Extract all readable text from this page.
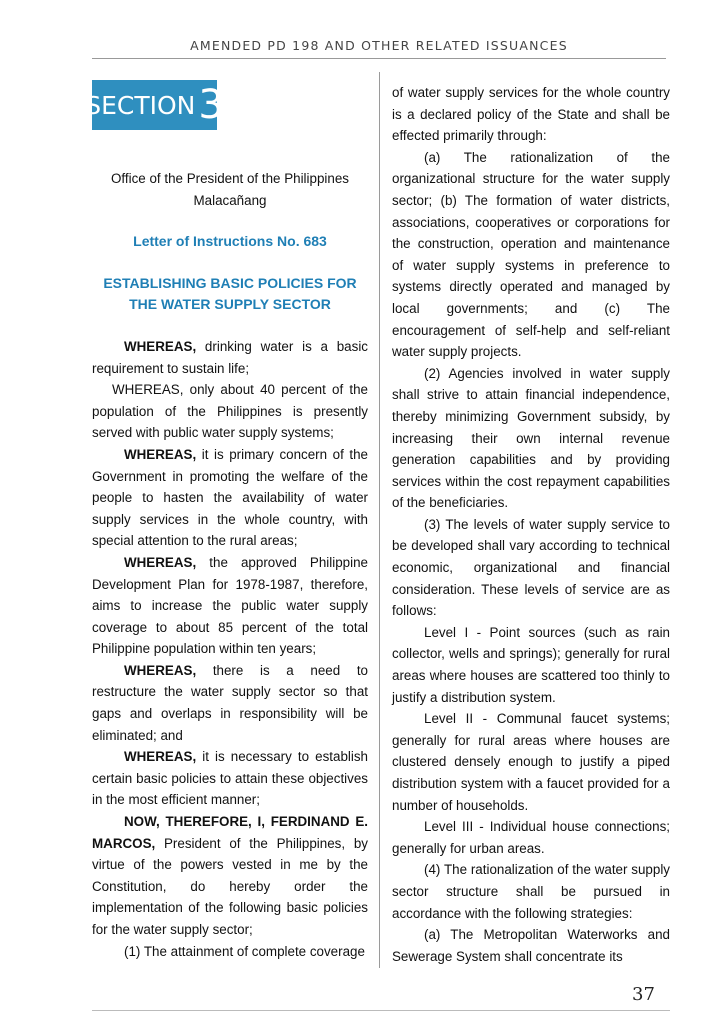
AMENDED PD 198 AND OTHER RELATED ISSUANCES
SECTION 3

Office of the President of the Philippines

Malacañang

Letter of Instructions No. 683

ESTABLISHING BASIC POLICIES FOR

THE WATER SUPPLY SECTOR

WHEREAS, drinking water is a basic requirement to sustain life;

WHEREAS, only about 40 percent of the population of the Philippines is presently served with public water supply systems;

WHEREAS, it is primary concern of the Government in promoting the welfare of the people to hasten the availability of water supply services in the whole country, with special attention to the rural areas;

WHEREAS, the approved Philippine Development Plan for 1978-1987, therefore, aims to increase the public water supply coverage to about 85 percent of the total Philippine population within ten years;

WHEREAS, there is a need to restructure the water supply sector so that gaps and overlaps in responsibility will be eliminated; and

WHEREAS, it is necessary to establish certain basic policies to attain these objectives in the most efficient manner;

NOW, THEREFORE, I, FERDINAND E. MARCOS, President of the Philippines, by virtue of the powers vested in me by the Constitution, do hereby order the implementation of the following basic policies for the water supply sector;

(1) The attainment of complete coverage

of water supply services for the whole country is a declared policy of the State and shall be effected primarily through:

(a) The rationalization of the organizational structure for the water supply sector; (b) The formation of water districts, associations, cooperatives or corporations for the construction, operation and maintenance of water supply systems in preference to systems directly operated and managed by local governments; and (c) The encouragement of self-help and self-reliant water supply projects.

(2) Agencies involved in water supply shall strive to attain financial independence, thereby minimizing Government subsidy, by increasing their own internal revenue generation capabilities and by providing services within the cost repayment capabilities of the beneficiaries.

(3) The levels of water supply service to be developed shall vary according to technical economic, organizational and financial consideration. These levels of service are as follows:

Level I - Point sources (such as rain collector, wells and springs); generally for rural areas where houses are scattered too thinly to justify a distribution system.

Level II - Communal faucet systems; generally for rural areas where houses are clustered densely enough to justify a piped distribution system with a faucet provided for a number of households.

Level III - Individual house connections; generally for urban areas.

(4) The rationalization of the water supply sector structure shall be pursued in accordance with the following strategies:

(a) The Metropolitan Waterworks and Sewerage System shall concentrate its

37
